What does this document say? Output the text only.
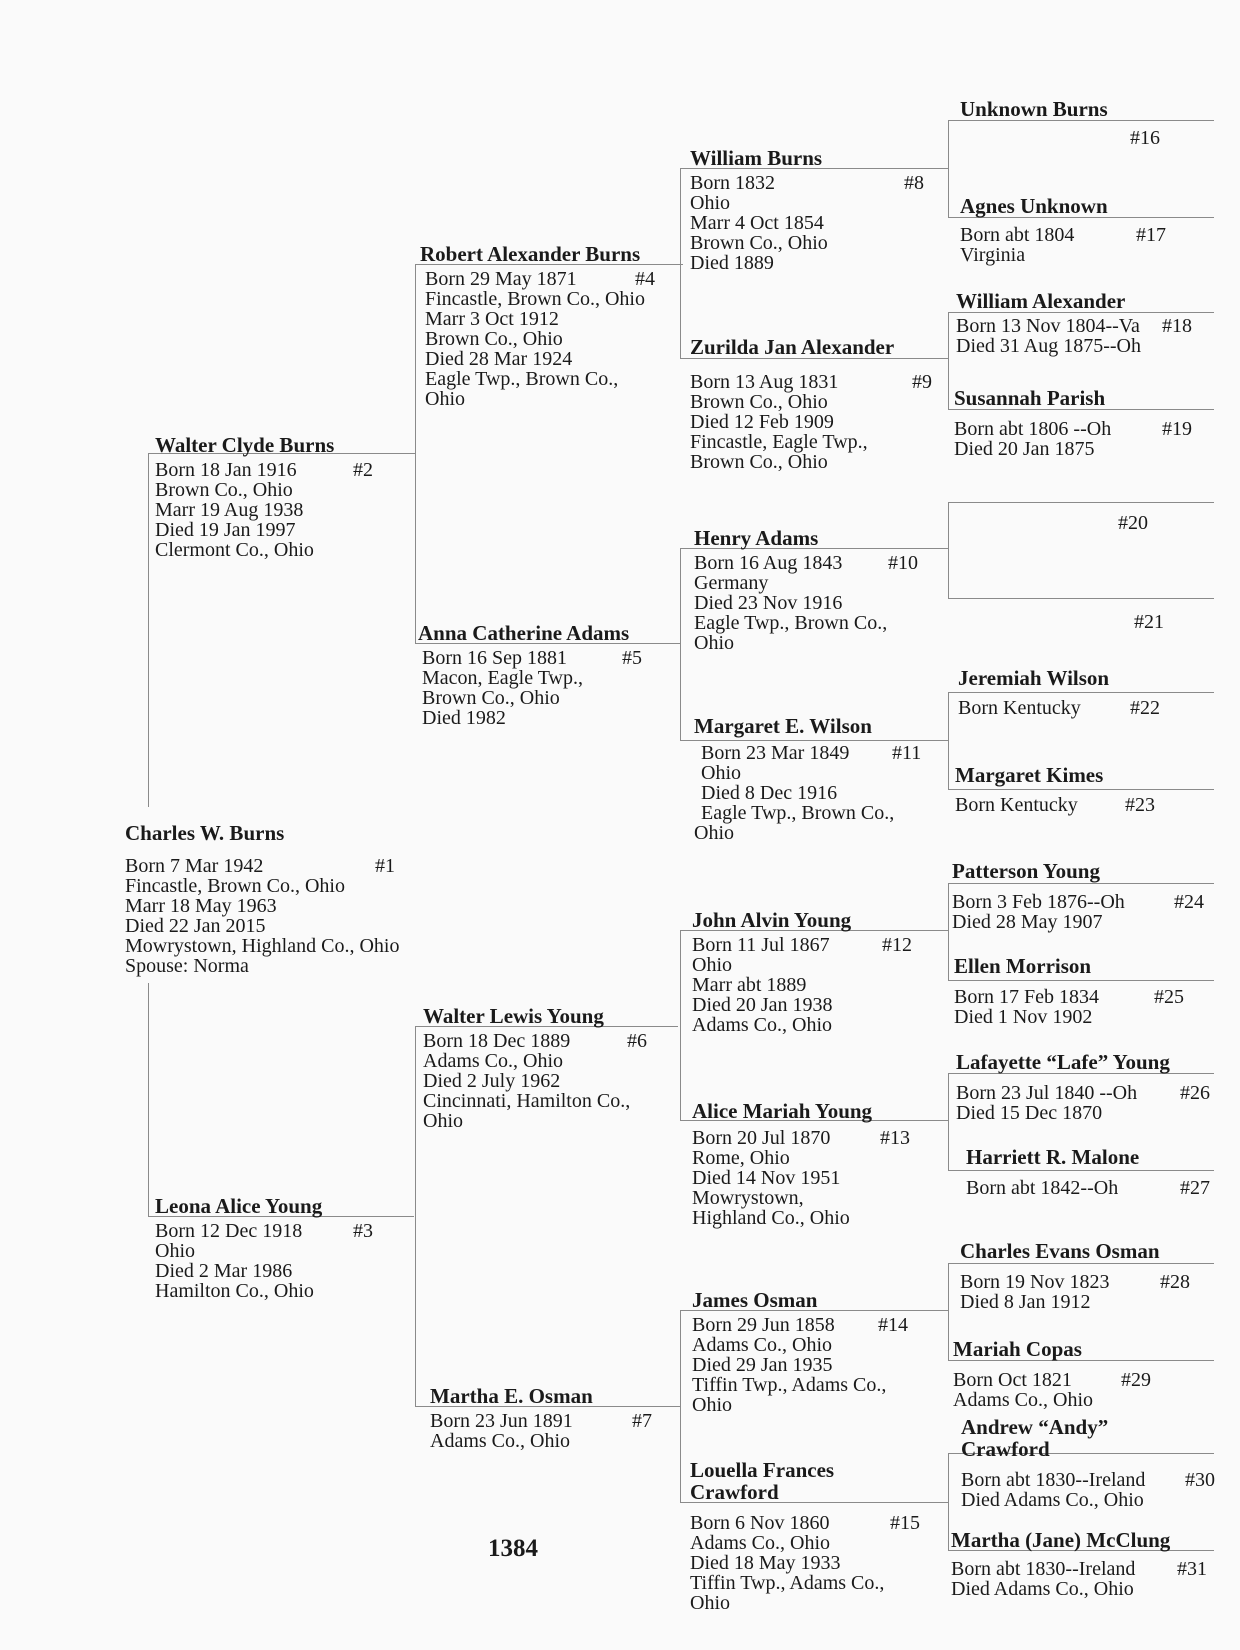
Charles W. Burns
#1
Born 7 Mar 1942
Fincastle, Brown Co., Ohio
Marr 18 May 1963
Died 22 Jan 2015
Mowrystown, Highland Co., Ohio
Spouse: Norma
Walter Clyde Burns
#2
Born 18 Jan 1916
Brown Co., Ohio
Marr 19 Aug 1938
Died 19 Jan 1997
Clermont Co., Ohio
Leona Alice Young
#3
Born 12 Dec 1918
Ohio
Died 2 Mar 1986
Hamilton Co., Ohio
Robert Alexander Burns
#4
Born 29 May 1871
Fincastle, Brown Co., Ohio
Marr 3 Oct 1912
Brown Co., Ohio
Died 28 Mar 1924
Eagle Twp., Brown Co.,
Ohio
Anna Catherine Adams
#5
Born 16 Sep 1881
Macon, Eagle Twp.,
Brown Co., Ohio
Died 1982
Walter Lewis Young
#6
Born 18 Dec 1889
Adams Co., Ohio
Died 2 July 1962
Cincinnati, Hamilton Co.,
Ohio
Martha E. Osman
#7
Born 23 Jun 1891
Adams Co., Ohio
William Burns
#8
Born 1832
Ohio
Marr 4 Oct 1854
Brown Co., Ohio
Died 1889
Zurilda Jan Alexander
#9
Born 13 Aug 1831
Brown Co., Ohio
Died 12 Feb 1909
Fincastle, Eagle Twp.,
Brown Co., Ohio
Henry Adams
#10
Born 16 Aug 1843
Germany
Died 23 Nov 1916
Eagle Twp., Brown Co.,
Ohio
Margaret E. Wilson
#11
Born 23 Mar 1849
Ohio
Died 8 Dec 1916
Eagle Twp., Brown Co.,
Ohio
John Alvin Young
#12
Born 11 Jul 1867
Ohio
Marr abt 1889
Died 20 Jan 1938
Adams Co., Ohio
Alice Mariah Young
#13
Born 20 Jul 1870
Rome, Ohio
Died 14 Nov 1951
Mowrystown,
Highland Co., Ohio
James Osman
#14
Born 29 Jun 1858
Adams Co., Ohio
Died 29 Jan 1935
Tiffin Twp., Adams Co.,
Ohio
Louella Frances Crawford
#15
Born 6 Nov 1860
Adams Co., Ohio
Died 18 May 1933
Tiffin Twp., Adams Co.,
Ohio
Unknown Burns
#16
Agnes Unknown
#17
Born abt 1804
Virginia
William Alexander
#18
Born 13 Nov 1804--Va
Died 31 Aug 1875--Oh
Susannah Parish
#19
Born abt 1806 --Oh
Died 20 Jan 1875
#20
#21
Jeremiah Wilson
#22
Born Kentucky
Margaret Kimes
#23
Born Kentucky
Patterson Young
#24
Born 3 Feb 1876--Oh
Died 28 May 1907
Ellen Morrison
#25
Born 17 Feb 1834
Died 1 Nov 1902
Lafayette “Lafe” Young
#26
Born 23 Jul 1840 --Oh
Died 15 Dec 1870
Harriett R. Malone
#27
Born abt 1842--Oh
Charles Evans Osman
#28
Born 19 Nov 1823
Died 8 Jan 1912
Mariah Copas
#29
Born Oct 1821
Adams Co., Ohio
Andrew “Andy” Crawford
#30
Born abt 1830--Ireland
Died Adams Co., Ohio
Martha (Jane) McClung
#31
Born abt 1830--Ireland
Died Adams Co., Ohio
1384
